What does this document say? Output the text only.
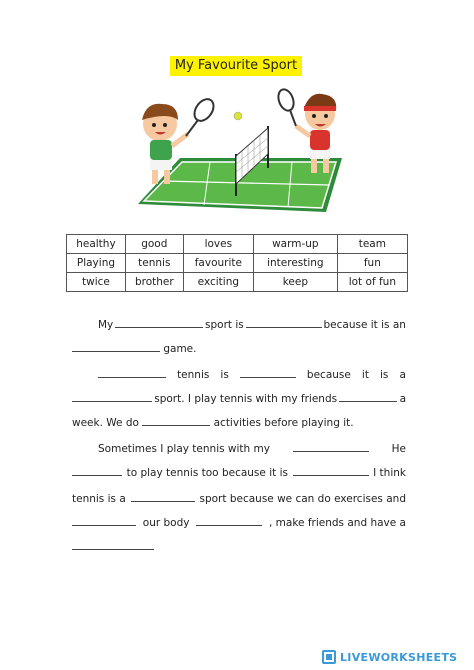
My Favourite Sport
healthy	good	loves	warm-up	team
Playing	tennis	favourite	interesting	fun
twice	brother	exciting	keep	lot of fun
My	sport is	because it is an
game.
tennis is	because it is a
sport. I play tennis with my friends	a
week. We do	activities before playing it.
Sometimes I play tennis with my	He
to play tennis too because it is	I think
tennis is a	sport because we can do exercises and
our body	, make friends and have a
LIVEWORKSHEETS
